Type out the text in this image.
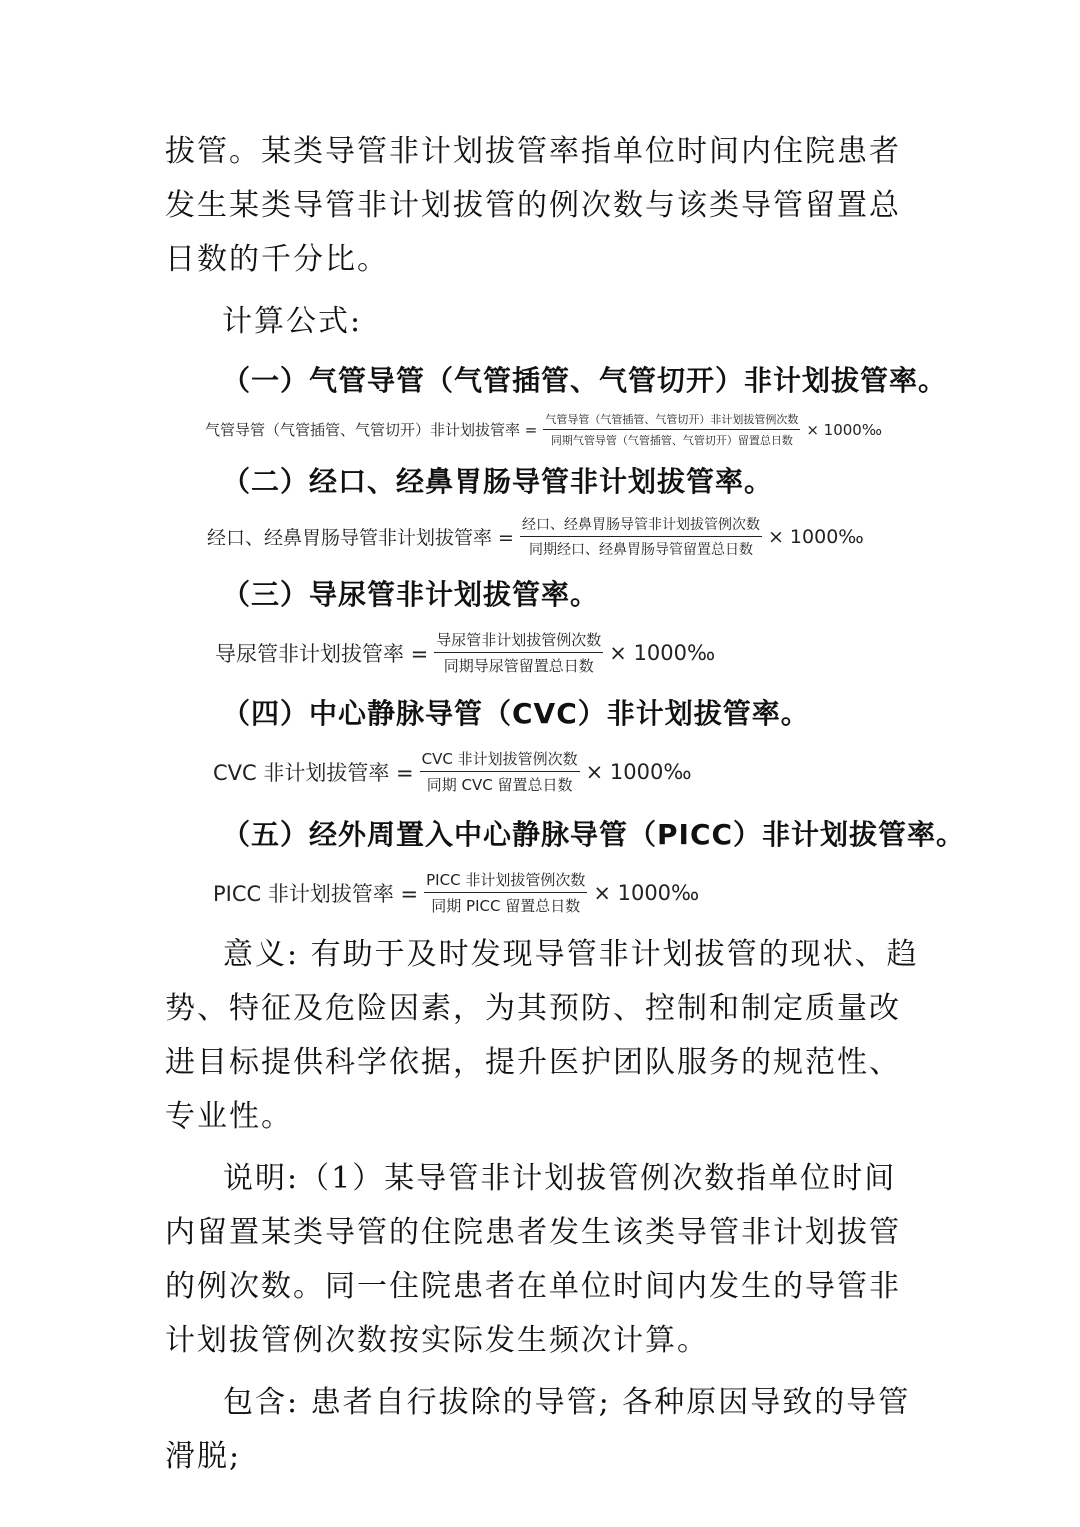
拔管。某类导管非计划拔管率指单位时间内住院患者发生某类导管非计划拔管的例次数与该类导管留置总日数的千分比。

计算公式:

（一）气管导管（气管插管、气管切开）非计划拔管率。
气管导管（气管插管、气管切开）非计划拔管率 = $\frac{\text{气管导管（气管插管、气管切开）非计划拔管例次数}}{\text{同期气管导管（气管插管、气管切开）留置总日数}}$ × 1000‰
（二）经口、经鼻胃肠导管非计划拔管率。
经口、经鼻胃肠导管非计划拔管率 = $\frac{\text{经口、经鼻胃肠导管非计划拔管例次数}}{\text{同期经口、经鼻胃肠导管留置总日数}}$ × 1000‰
（三）导尿管非计划拔管率。
导尿管非计划拔管率 = $\frac{\text{导尿管非计划拔管例次数}}{\text{同期导尿管留置总日数}}$ × 1000‰
（四）中心静脉导管（CVC）非计划拔管率。
CVC 非计划拔管率 = $\frac{\text{CVC 非计划拔管例次数}}{\text{同期 CVC 留置总日数}}$ × 1000‰
（五）经外周置入中心静脉导管（PICC）非计划拔管率。
PICC 非计划拔管率 = $\frac{\text{PICC 非计划拔管例次数}}{\text{同期 PICC 留置总日数}}$ × 1000‰

意义: 有助于及时发现导管非计划拔管的现状、趋势、特征及危险因素，为其预防、控制和制定质量改进目标提供科学依据，提升医护团队服务的规范性、专业性。

说明:（1）某导管非计划拔管例次数指单位时间内留置某类导管的住院患者发生该类导管非计划拔管的例次数。同一住院患者在单位时间内发生的导管非计划拔管例次数按实际发生频次计算。

包含: 患者自行拔除的导管; 各种原因导致的导管滑脱;
